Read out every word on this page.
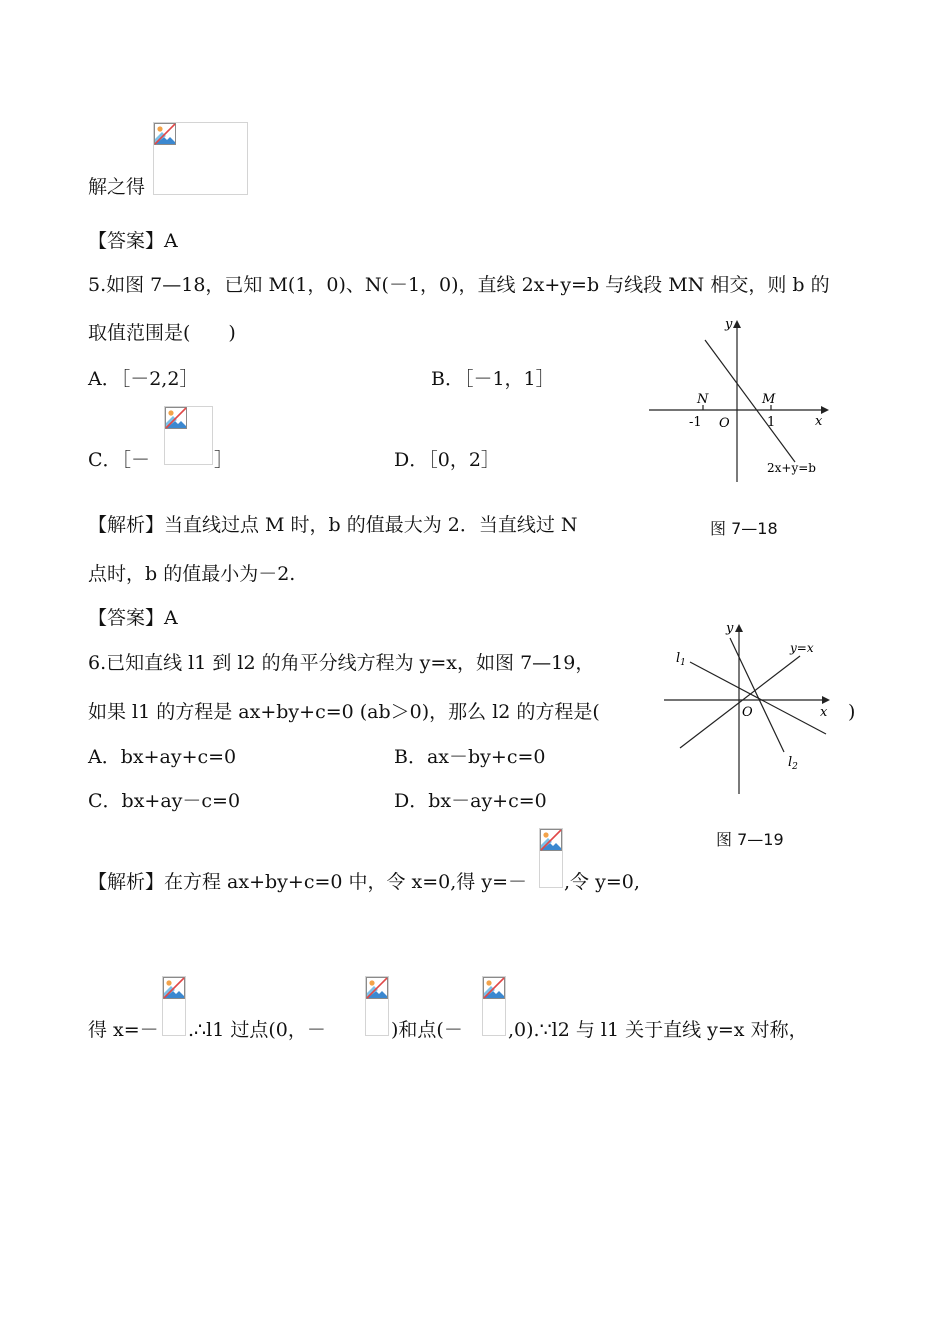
解之得
【答案】A
5.如图 7—18，已知 M(1，0)、N(－1，0)，直线 2x+y=b 与线段 MN 相交，则 b 的
取值范围是(　　)
A．［－2,2］	B．［－1，1］
C．［－	］	D．［0，2］
x
y
O
N	M
-1	1
2x+y=b
【解析】当直线过点 M 时，b 的值最大为 2．当直线过 N	图 7—18
点时，b 的值最小为－2.
【答案】A
6.已知直线 l1 到 l2 的角平分线方程为 y=x，如图 7—19，
如果 l1 的方程是 ax+by+c=0 (ab＞0)，那么 l2 的方程是(	)
A．bx+ay+c=0	B．ax－by+c=0
C．bx+ay－c=0	D．bx－ay+c=0
x
y
O
y=x
$l_1$
$l_2$
图 7—19
【解析】在方程 ax+by+c=0 中，令 x=0,得 y=－ ,令 y=0,
得 x=－ .∴l1 过点(0，－	)和点(－ ,0).∵l2 与 l1 关于直线 y=x 对称，
